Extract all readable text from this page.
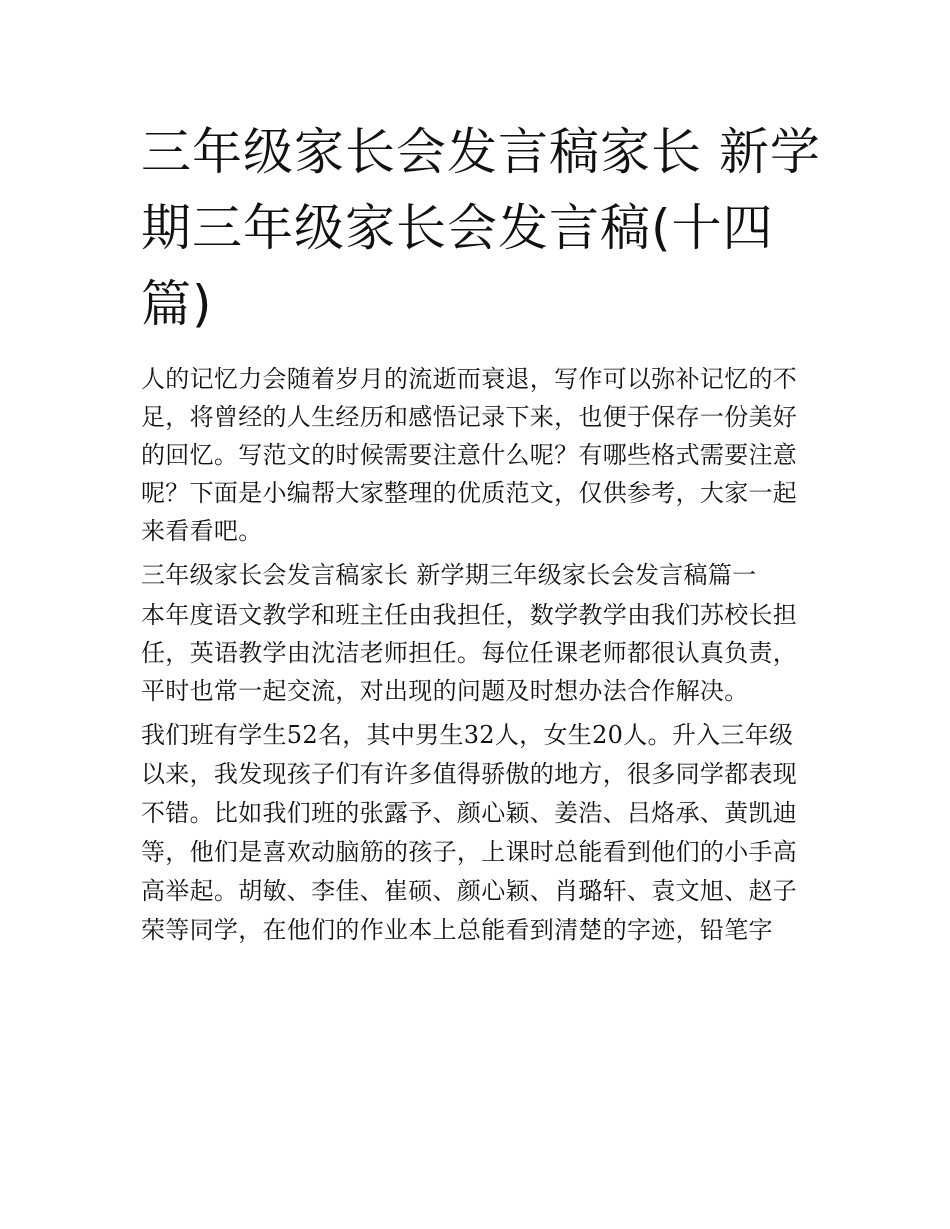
三年级家长会发言稿家长 新学期三年级家长会发言稿(十四篇)

人的记忆力会随着岁月的流逝而衰退，写作可以弥补记忆的不足，将曾经的人生经历和感悟记录下来，也便于保存一份美好的回忆。写范文的时候需要注意什么呢？有哪些格式需要注意呢？下面是小编帮大家整理的优质范文，仅供参考，大家一起来看看吧。

三年级家长会发言稿家长 新学期三年级家长会发言稿篇一

本年度语文教学和班主任由我担任，数学教学由我们苏校长担任，英语教学由沈洁老师担任。每位任课老师都很认真负责，平时也常一起交流，对出现的问题及时想办法合作解决。

我们班有学生52名，其中男生32人，女生20人。升入三年级以来，我发现孩子们有许多值得骄傲的地方，很多同学都表现不错。比如我们班的张露予、颜心颖、姜浩、吕烙承、黄凯迪等，他们是喜欢动脑筋的孩子，上课时总能看到他们的小手高高举起。胡敏、李佳、崔硕、颜心颖、肖璐轩、袁文旭、赵子荣等同学，在他们的作业本上总能看到清楚的字迹，铅笔字
